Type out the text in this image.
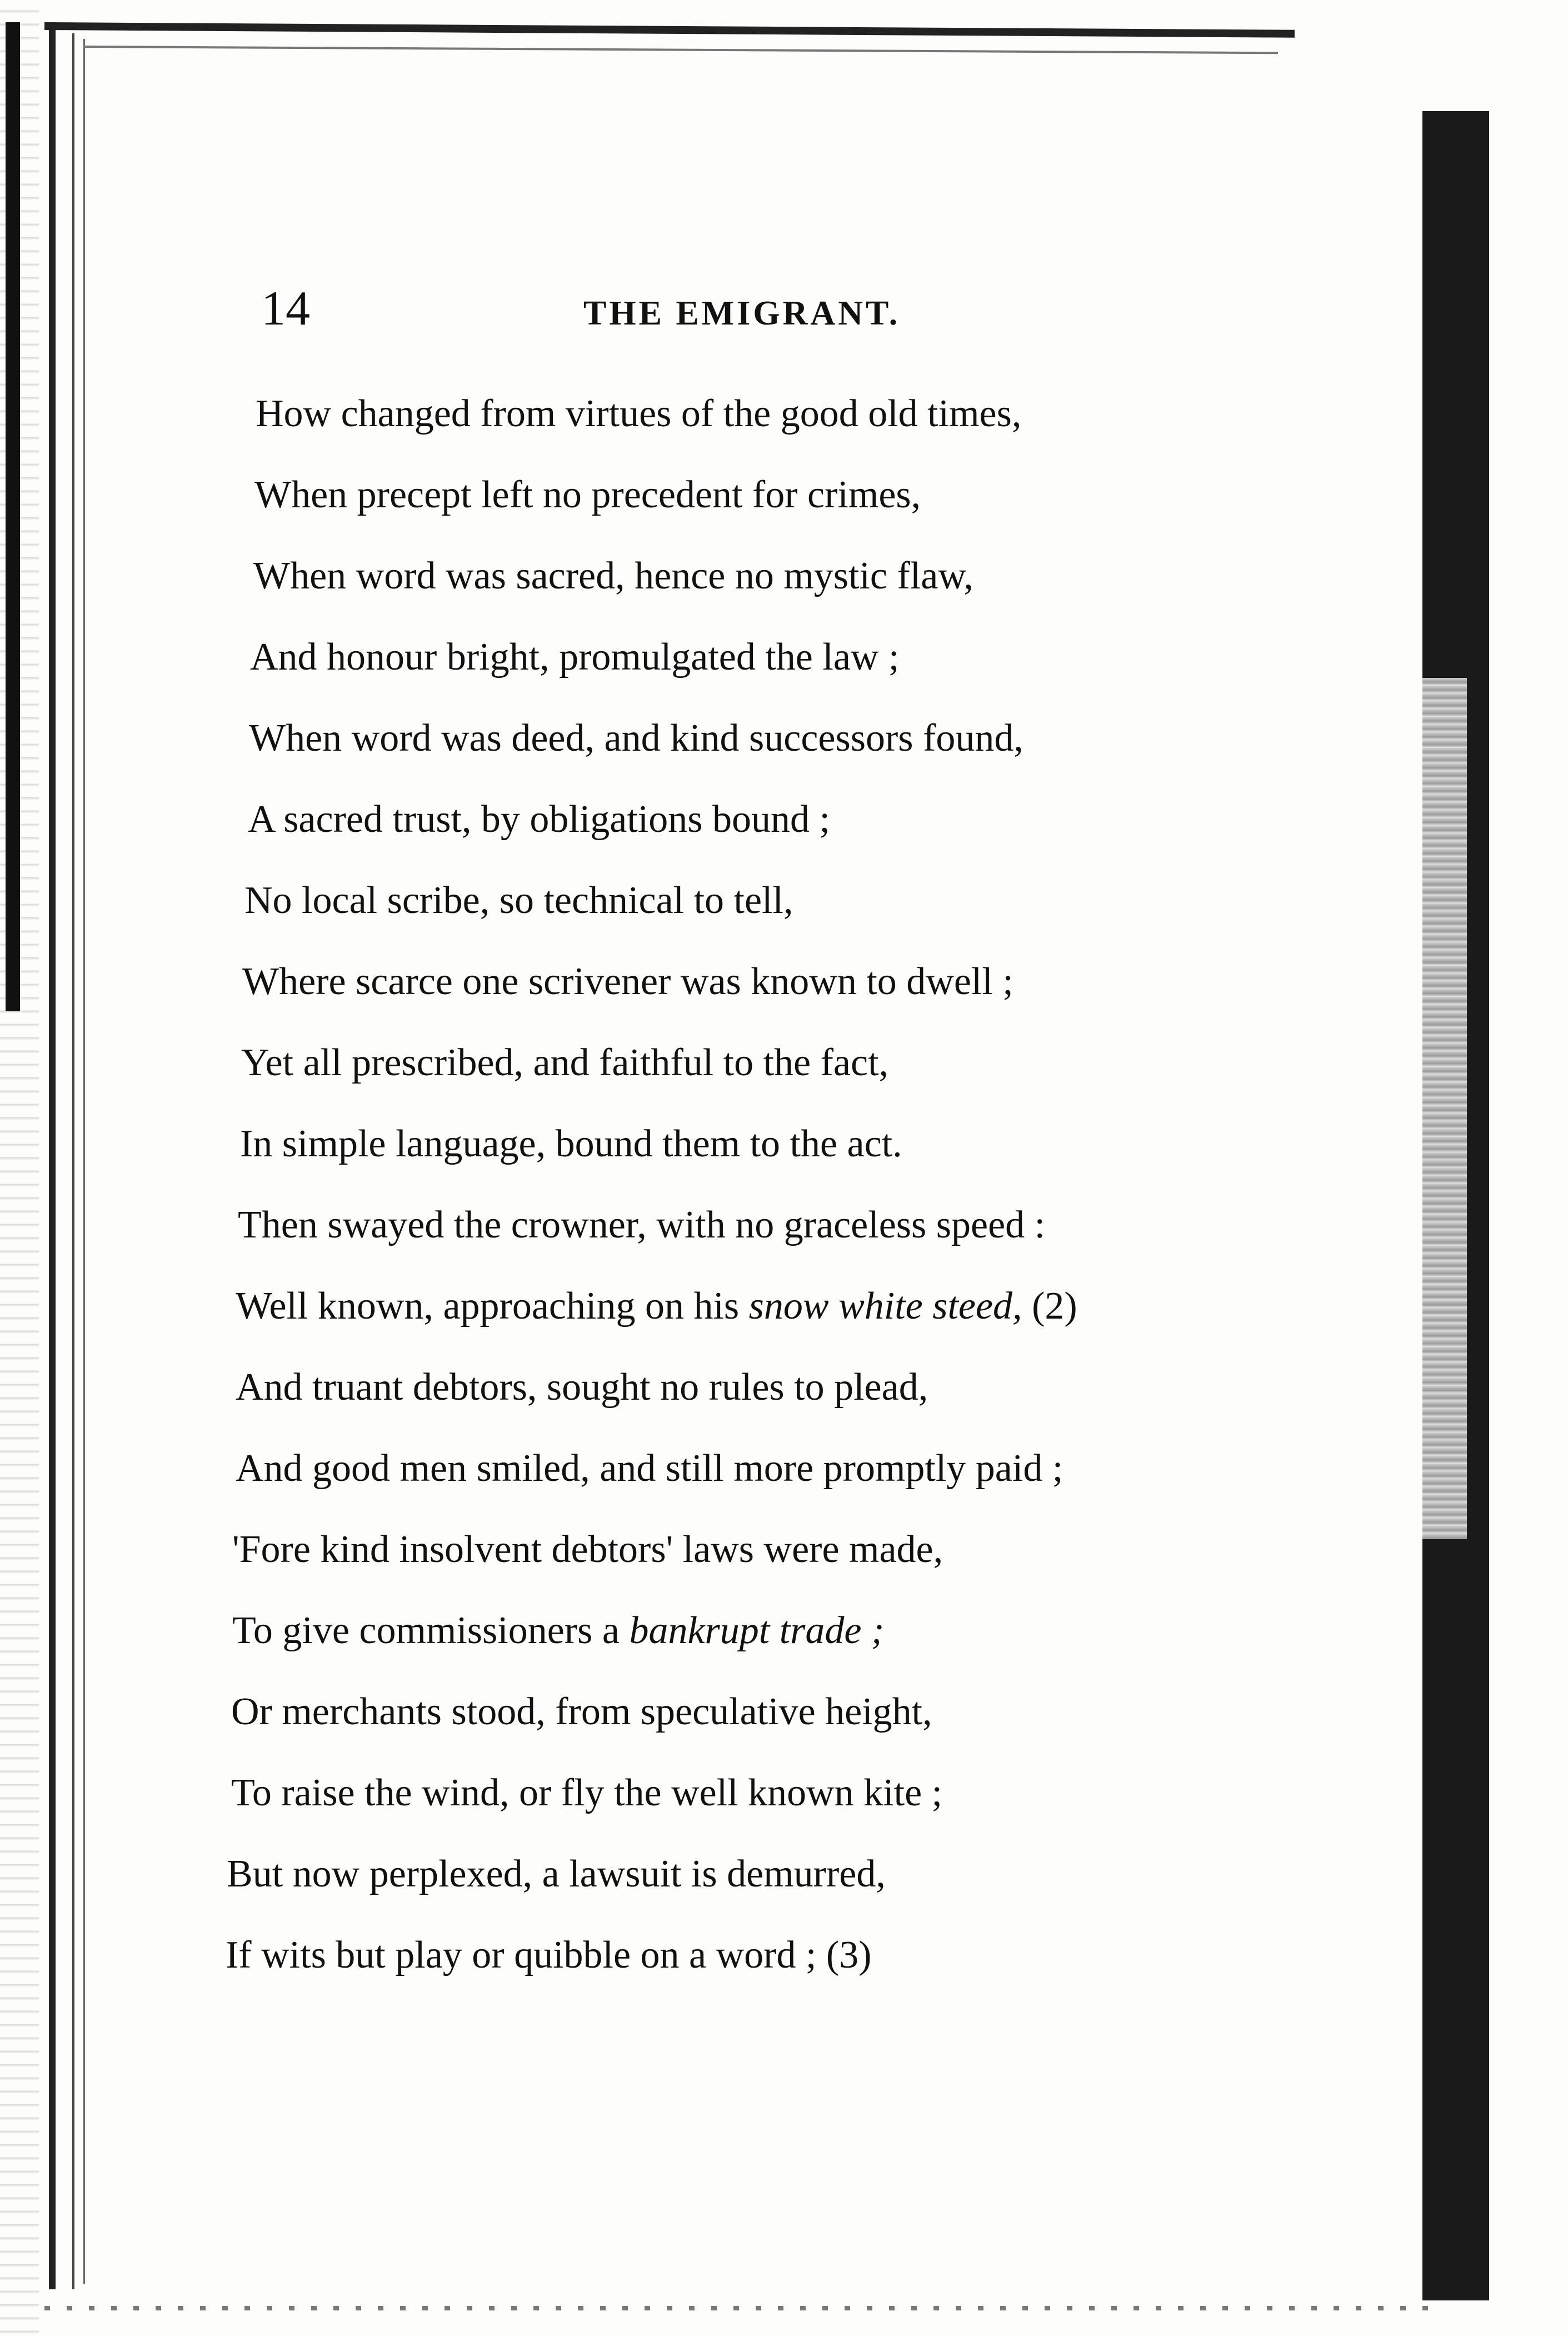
14	THE EMIGRANT.
How changed from virtues of the good old times,
When precept left no precedent for crimes,
When word was sacred, hence no mystic flaw,
And honour bright, promulgated the law ;
When word was deed, and kind successors found,
A sacred trust, by obligations bound ;
No local scribe, so technical to tell,
Where scarce one scrivener was known to dwell ;
Yet all prescribed, and faithful to the fact,
In simple language, bound them to the act.
Then swayed the crowner, with no graceless speed :
Well known, approaching on his snow white steed, (2)
And truant debtors, sought no rules to plead,
And good men smiled, and still more promptly paid ;
'Fore kind insolvent debtors' laws were made,
To give commissioners a bankrupt trade ;
Or merchants stood, from speculative height,
To raise the wind, or fly the well known kite ;
But now perplexed, a lawsuit is demurred,
If wits but play or quibble on a word ; (3)
